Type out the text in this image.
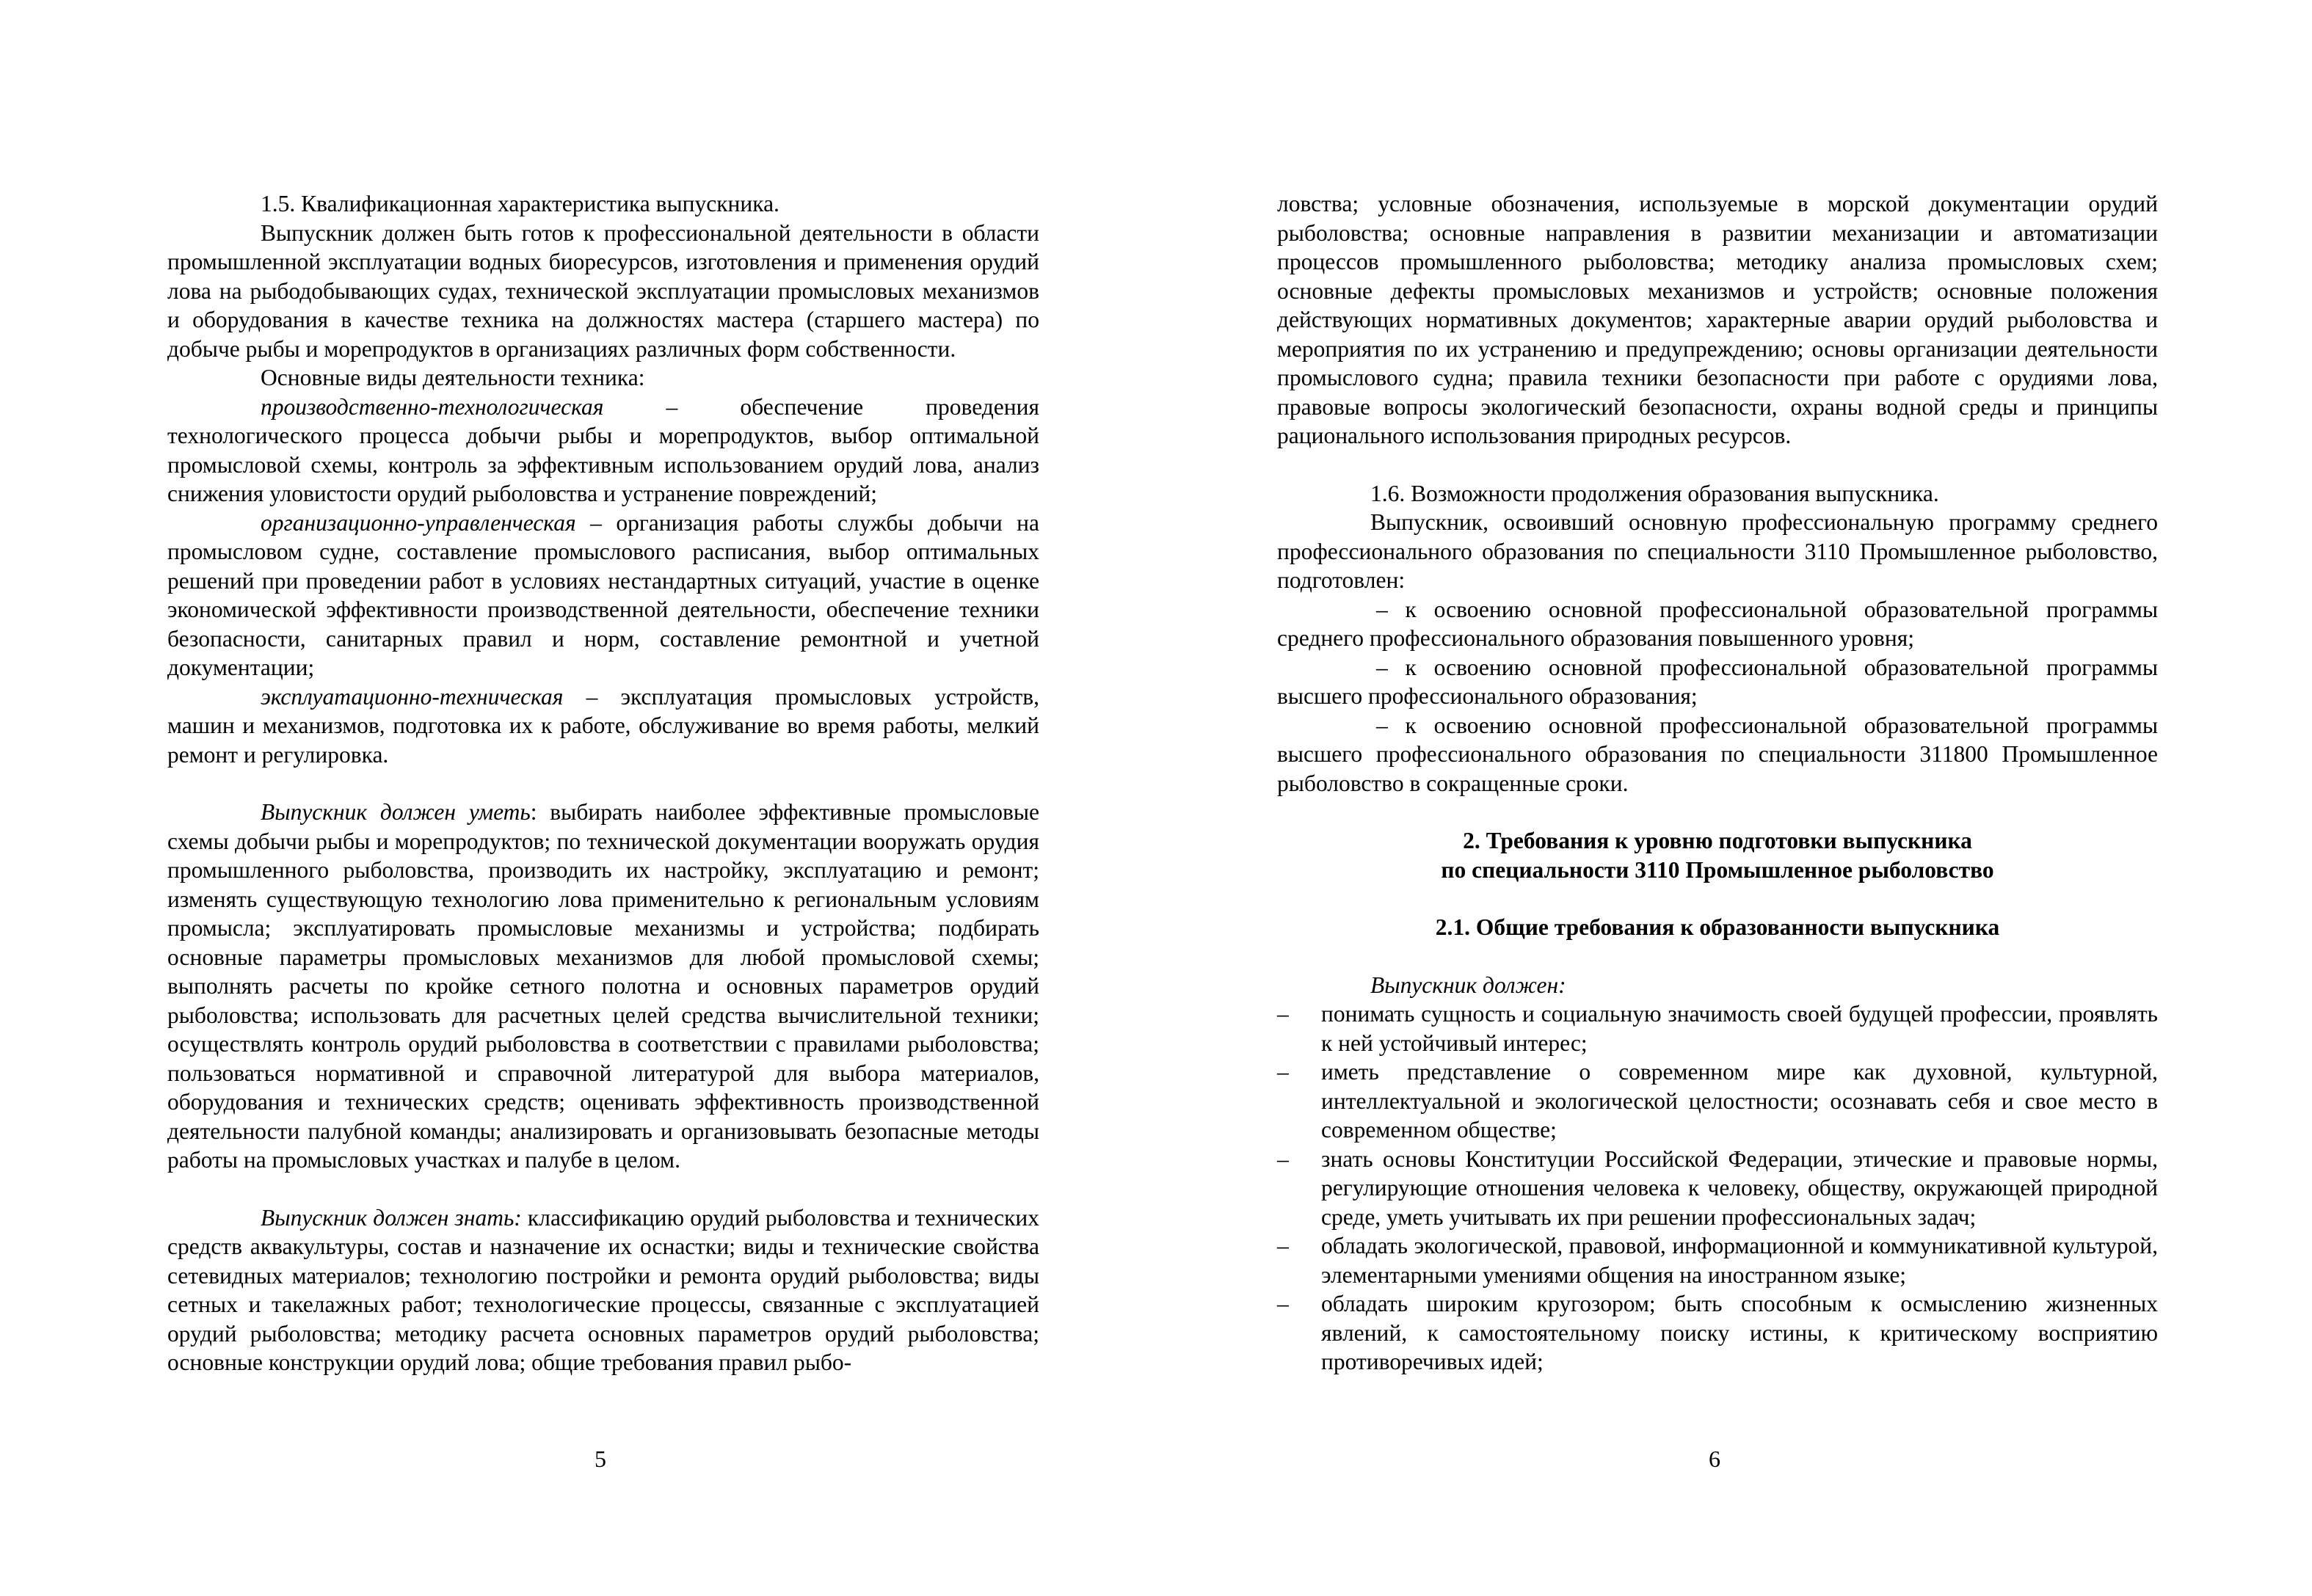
1.5. Квалификационная характеристика выпускника.

Выпускник должен быть готов к профессиональной деятельности в области промышленной эксплуатации водных биоресурсов, изготовления и применения орудий лова на рыбодобывающих судах, технической эксплуатации промысловых механизмов и оборудования в качестве техника на должностях мастера (старшего мастера) по добыче рыбы и морепродуктов в организациях различных форм собственности.

Основные виды деятельности техника:

производственно-технологическая – обеспечение проведения технологического процесса добычи рыбы и морепродуктов, выбор оптимальной промысловой схемы, контроль за эффективным использованием орудий лова, анализ снижения уловистости орудий рыболовства и устранение повреждений;

организационно-управленческая – организация работы службы добычи на промысловом судне, составление промыслового расписания, выбор оптимальных решений при проведении работ в условиях нестандартных ситуаций, участие в оценке экономической эффективности производственной деятельности, обеспечение техники безопасности, санитарных правил и норм, составление ремонтной и учетной документации;

эксплуатационно-техническая – эксплуатация промысловых устройств, машин и механизмов, подготовка их к работе, обслуживание во время работы, мелкий ремонт и регулировка.

Выпускник должен уметь: выбирать наиболее эффективные промысловые схемы добычи рыбы и морепродуктов; по технической документации вооружать орудия промышленного рыболовства, производить их настройку, эксплуатацию и ремонт; изменять существующую технологию лова применительно к региональным условиям промысла; эксплуатировать промысловые механизмы и устройства; подбирать основные параметры промысловых механизмов для любой промысловой схемы; выполнять расчеты по кройке сетного полотна и основных параметров орудий рыболовства; использовать для расчетных целей средства вычислительной техники; осуществлять контроль орудий рыболовства в соответствии с правилами рыболовства; пользоваться нормативной и справочной литературой для выбора материалов, оборудования и технических средств; оценивать эффективность производственной деятельности палубной команды; анализировать и организовывать безопасные методы работы на промысловых участках и палубе в целом.

Выпускник должен знать: классификацию орудий рыболовства и технических средств аквакультуры, состав и назначение их оснастки; виды и технические свойства сетевидных материалов; технологию постройки и ремонта орудий рыболовства; виды сетных и такелажных работ; технологические процессы, связанные с эксплуатацией орудий рыболовства; методику расчета основных параметров орудий рыболовства; основные конструкции орудий лова; общие требования правил рыбо-

ловства; условные обозначения, используемые в морской документации орудий рыболовства; основные направления в развитии механизации и автоматизации процессов промышленного рыболовства; методику анализа промысловых схем; основные дефекты промысловых механизмов и устройств; основные положения действующих нормативных документов; характерные аварии орудий рыболовства и мероприятия по их устранению и предупреждению; основы организации деятельности промыслового судна; правила техники безопасности при работе с орудиями лова, правовые вопросы экологический безопасности, охраны водной среды и принципы рационального использования природных ресурсов.

1.6. Возможности продолжения образования выпускника.

Выпускник, освоивший основную профессиональную программу среднего профессионального образования по специальности 3110 Промышленное рыболовство, подготовлен:

– к освоению основной профессиональной образовательной программы среднего профессионального образования повышенного уровня;

– к освоению основной профессиональной образовательной программы высшего профессионального образования;

– к освоению основной профессиональной образовательной программы высшего профессионального образования по специальности 311800 Промышленное рыболовство в сокращенные сроки.

2. Требования к уровню подготовки выпускника

по специальности 3110 Промышленное рыболовство

2.1. Общие требования к образованности выпускника

Выпускник должен:

– понимать сущность и социальную значимость своей будущей профессии, проявлять к ней устойчивый интерес;
– иметь представление о современном мире как духовной, культурной, интеллектуальной и экологической целостности; осознавать себя и свое место в современном обществе;
– знать основы Конституции Российской Федерации, этические и правовые нормы, регулирующие отношения человека к человеку, обществу, окружающей природной среде, уметь учитывать их при решении профессиональных задач;
– обладать экологической, правовой, информационной и коммуникативной культурой, элементарными умениями общения на иностранном языке;
– обладать широким кругозором; быть способным к осмыслению жизненных явлений, к самостоятельному поиску истины, к критическому восприятию противоречивых идей;
5	6
